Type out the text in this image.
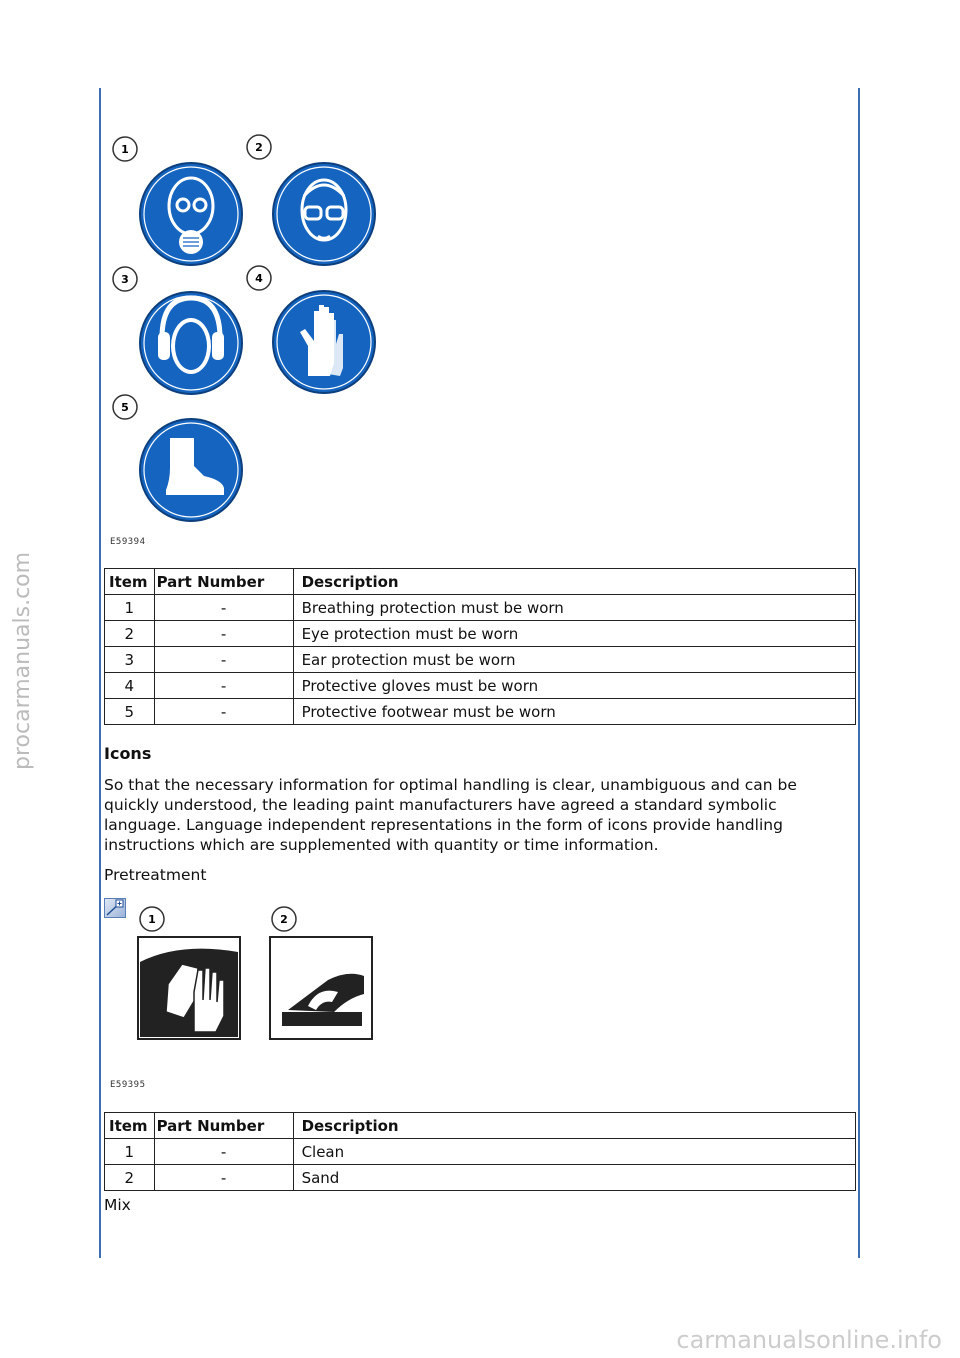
procarmanuals.com
carmanualsonline.info
1	2
3	4
5
E59394
Item	Part Number	Description
1	-	Breathing protection must be worn
2	-	Eye protection must be worn
3	-	Ear protection must be worn
4	-	Protective gloves must be worn
5	-	Protective footwear must be worn
Icons
So that the necessary information for optimal handling is clear, unambiguous and can be quickly understood, the leading paint manufacturers have agreed a standard symbolic language. Language independent representations in the form of icons provide handling instructions which are supplemented with quantity or time information.
Pretreatment
1	2
E59395
Item	Part Number	Description
1	-	Clean
2	-	Sand
Mix
